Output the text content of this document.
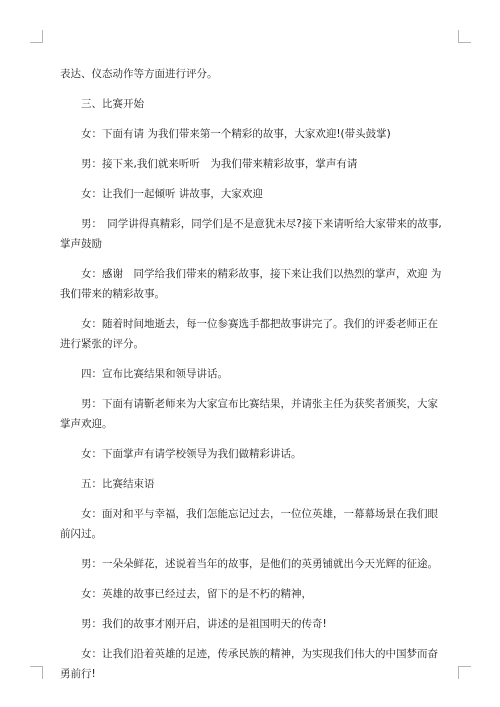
表达、仪态动作等方面进行评分。

三、比赛开始

女：下面有请 为我们带来第一个精彩的故事，大家欢迎!(带头鼓掌)

男：接下来,我们就来听听　为我们带来精彩故事，掌声有请

女：让我们一起倾听 讲故事，大家欢迎

男：　同学讲得真精彩，同学们是不是意犹未尽?接下来请听给大家带来的故事,掌声鼓励

女：感谢　同学给我们带来的精彩故事，接下来让我们以热烈的掌声，欢迎 为我们带来的精彩故事。

女：随着时间地逝去，每一位参赛选手都把故事讲完了。我们的评委老师正在进行紧张的评分。

四：宣布比赛结果和领导讲话。

男：下面有请靳老师来为大家宣布比赛结果，并请张主任为获奖者颁奖，大家掌声欢迎。

女：下面掌声有请学校领导为我们做精彩讲话。

五：比赛结束语

女：面对和平与幸福，我们怎能忘记过去，一位位英雄，一幕幕场景在我们眼前闪过。

男：一朵朵鲜花，述说着当年的故事，是他们的英勇铺就出今天光辉的征途。

女：英雄的故事已经过去，留下的是不朽的精神，

男：我们的故事才刚开启，讲述的是祖国明天的传奇!

女：让我们沿着英雄的足迹，传承民族的精神，为实现我们伟大的中国梦而奋勇前行!
